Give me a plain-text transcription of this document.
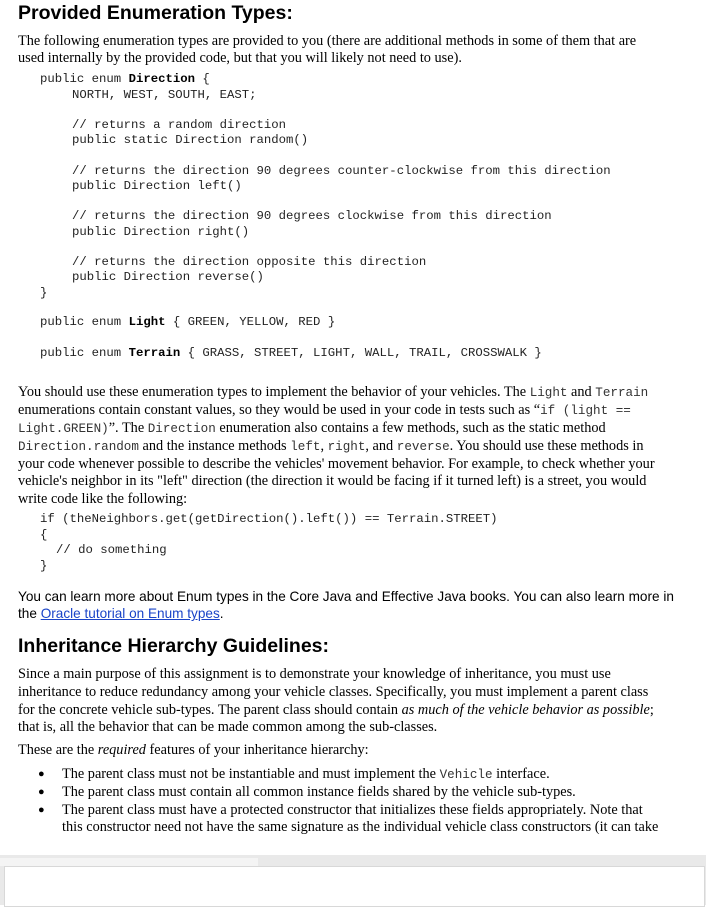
Provided Enumeration Types:
The following enumeration types are provided to you (there are additional methods in some of them that are
used internally by the provided code, but that you will likely not need to use).
public enum Direction {
NORTH, WEST, SOUTH, EAST;
// returns a random direction
public static Direction random()
// returns the direction 90 degrees counter-clockwise from this direction
public Direction left()
// returns the direction 90 degrees clockwise from this direction
public Direction right()
// returns the direction opposite this direction
public Direction reverse()
}
public enum Light { GREEN, YELLOW, RED }
public enum Terrain { GRASS, STREET, LIGHT, WALL, TRAIL, CROSSWALK }
You should use these enumeration types to implement the behavior of your vehicles. The Light and Terrain
enumerations contain constant values, so they would be used in your code in tests such as “if (light ==
Light.GREEN)”. The Direction enumeration also contains a few methods, such as the static method
Direction.random and the instance methods left, right, and reverse. You should use these methods in
your code whenever possible to describe the vehicles' movement behavior. For example, to check whether your
vehicle's neighbor in its "left" direction (the direction it would be facing if it turned left) is a street, you would
write code like the following:
if (theNeighbors.get(getDirection().left()) == Terrain.STREET)
{
// do something
}
You can learn more about Enum types in the Core Java and Effective Java books. You can also learn more in
the Oracle tutorial on Enum types.
Inheritance Hierarchy Guidelines:
Since a main purpose of this assignment is to demonstrate your knowledge of inheritance, you must use
inheritance to reduce redundancy among your vehicle classes. Specifically, you must implement a parent class
for the concrete vehicle sub-types. The parent class should contain as much of the vehicle behavior as possible;
that is, all the behavior that can be made common among the sub-classes.
These are the required features of your inheritance hierarchy:
● The parent class must not be instantiable and must implement the Vehicle interface.
● The parent class must contain all common instance fields shared by the vehicle sub-types.
● The parent class must have a protected constructor that initializes these fields appropriately. Note that
this constructor need not have the same signature as the individual vehicle class constructors (it can take
